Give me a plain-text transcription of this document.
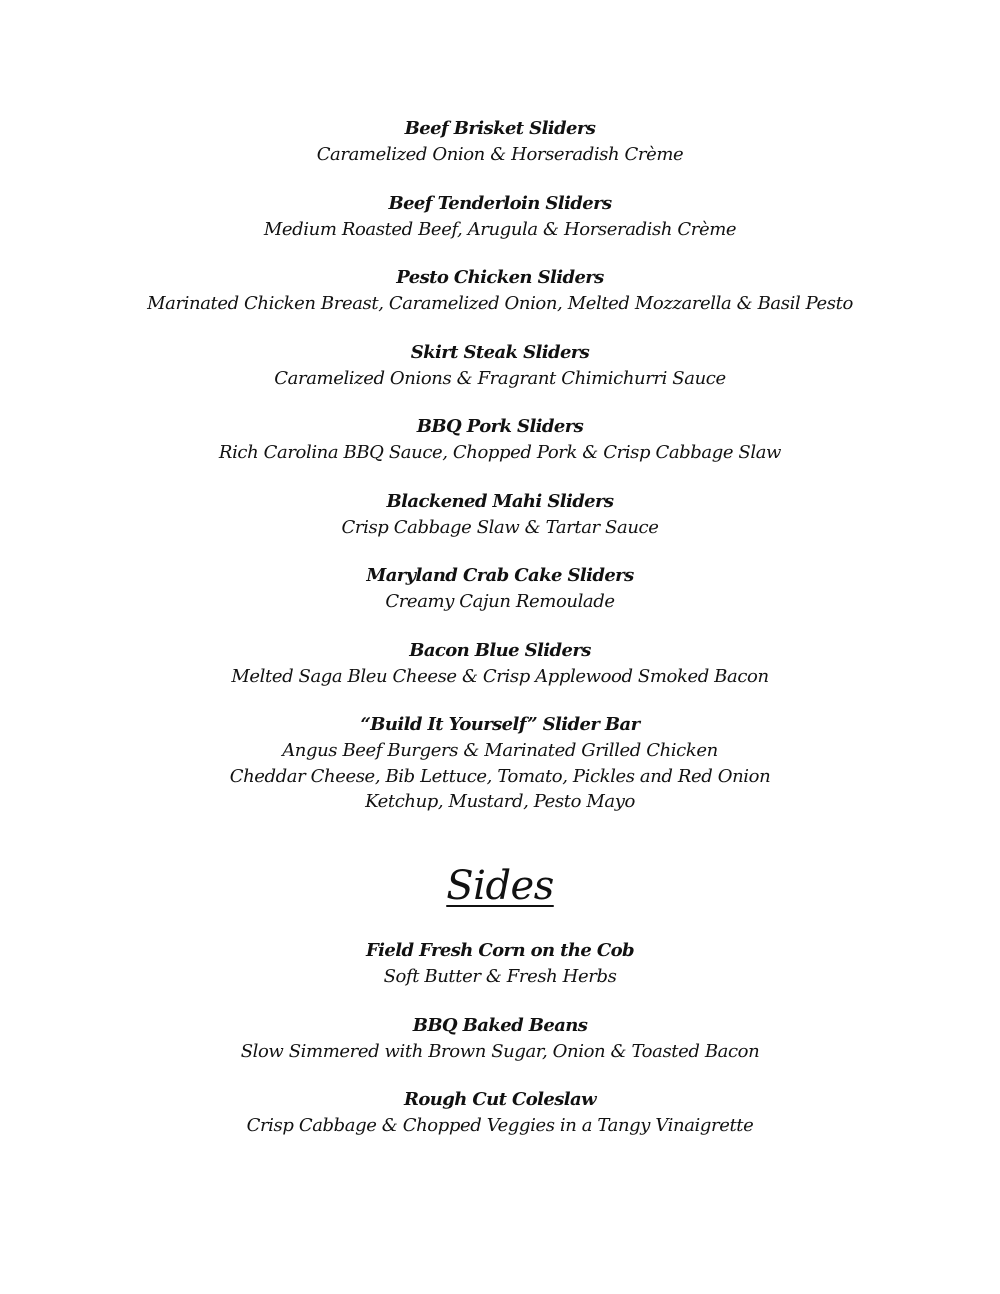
Beef Brisket Sliders
Caramelized Onion & Horseradish Crème
Beef Tenderloin Sliders
Medium Roasted Beef, Arugula & Horseradish Crème
Pesto Chicken Sliders
Marinated Chicken Breast, Caramelized Onion, Melted Mozzarella & Basil Pesto
Skirt Steak Sliders
Caramelized Onions & Fragrant Chimichurri Sauce
BBQ Pork Sliders
Rich Carolina BBQ Sauce, Chopped Pork & Crisp Cabbage Slaw
Blackened Mahi Sliders
Crisp Cabbage Slaw & Tartar Sauce
Maryland Crab Cake Sliders
Creamy Cajun Remoulade
Bacon Blue Sliders
Melted Saga Bleu Cheese & Crisp Applewood Smoked Bacon
“Build It Yourself” Slider Bar
Angus Beef Burgers & Marinated Grilled Chicken
Cheddar Cheese, Bib Lettuce, Tomato, Pickles and Red Onion
Ketchup, Mustard, Pesto Mayo
Sides
Field Fresh Corn on the Cob
Soft Butter & Fresh Herbs
BBQ Baked Beans
Slow Simmered with Brown Sugar, Onion & Toasted Bacon
Rough Cut Coleslaw
Crisp Cabbage & Chopped Veggies in a Tangy Vinaigrette
